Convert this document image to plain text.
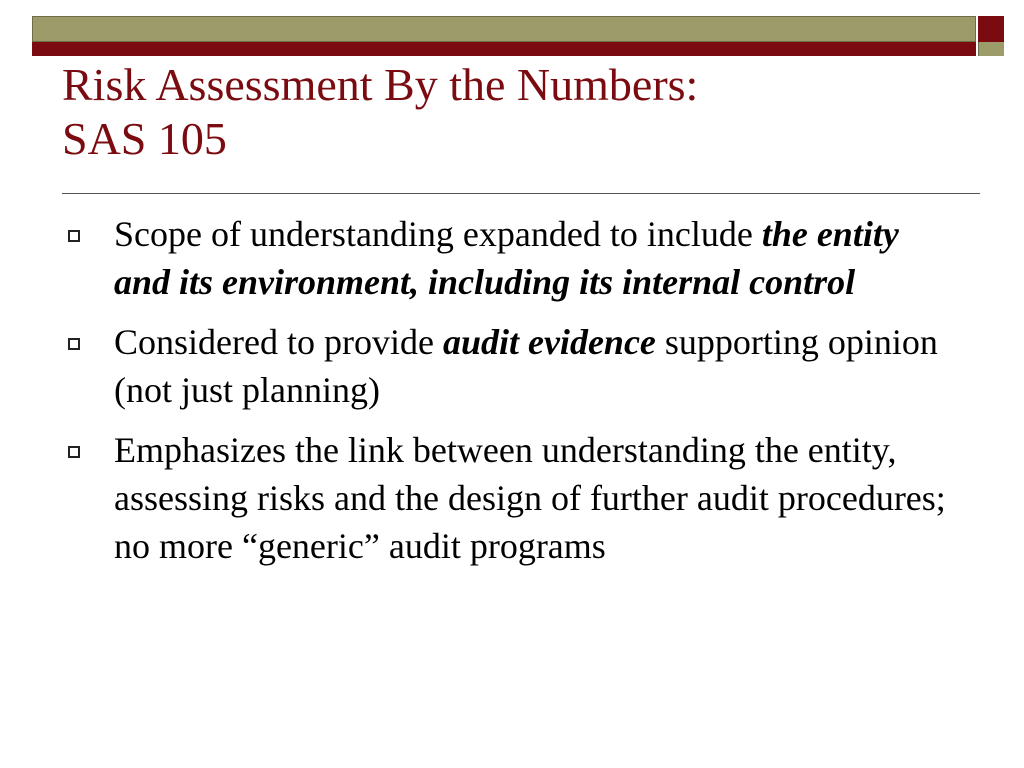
Risk Assessment By the Numbers:
SAS 105
Scope of understanding expanded to include the entity and its environment, including its internal control
Considered to provide audit evidence supporting opinion (not just planning)
Emphasizes the link between understanding the entity, assessing risks and the design of further audit procedures; no more “generic” audit programs
